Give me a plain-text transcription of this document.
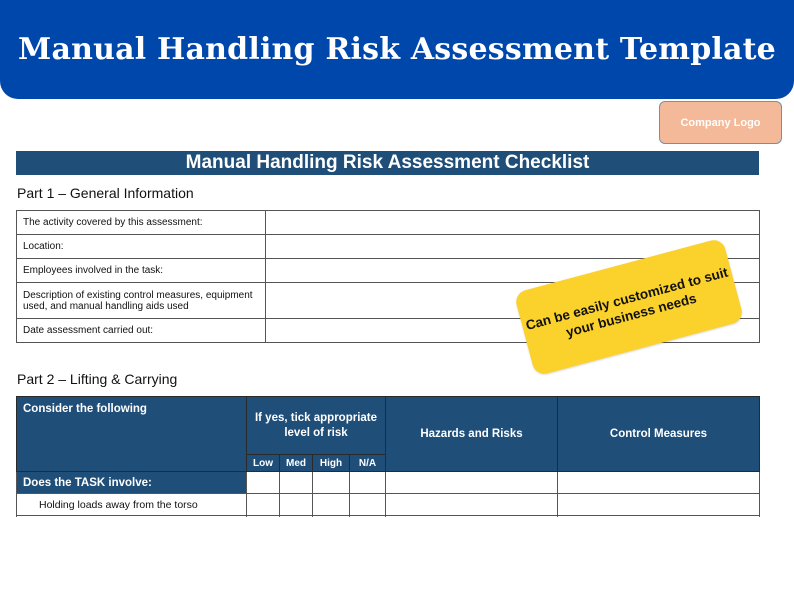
Manual Handling Risk Assessment Template
Company Logo
Manual Handling Risk Assessment Checklist
Part 1 – General Information
The activity covered by this assessment:	
Location:	
Employees involved in the task:	
Description of existing control measures, equipment used, and manual handling aids used	
Date assessment carried out:	
Part 2 – Lifting & Carrying
Consider the following	If yes, tick appropriate level of risk				Hazards and Risks	Control Measures
	Low	Med	High	N/A		
Does the TASK involve:						
Holding loads away from the torso						

Can be easily customized to suit your business needs
